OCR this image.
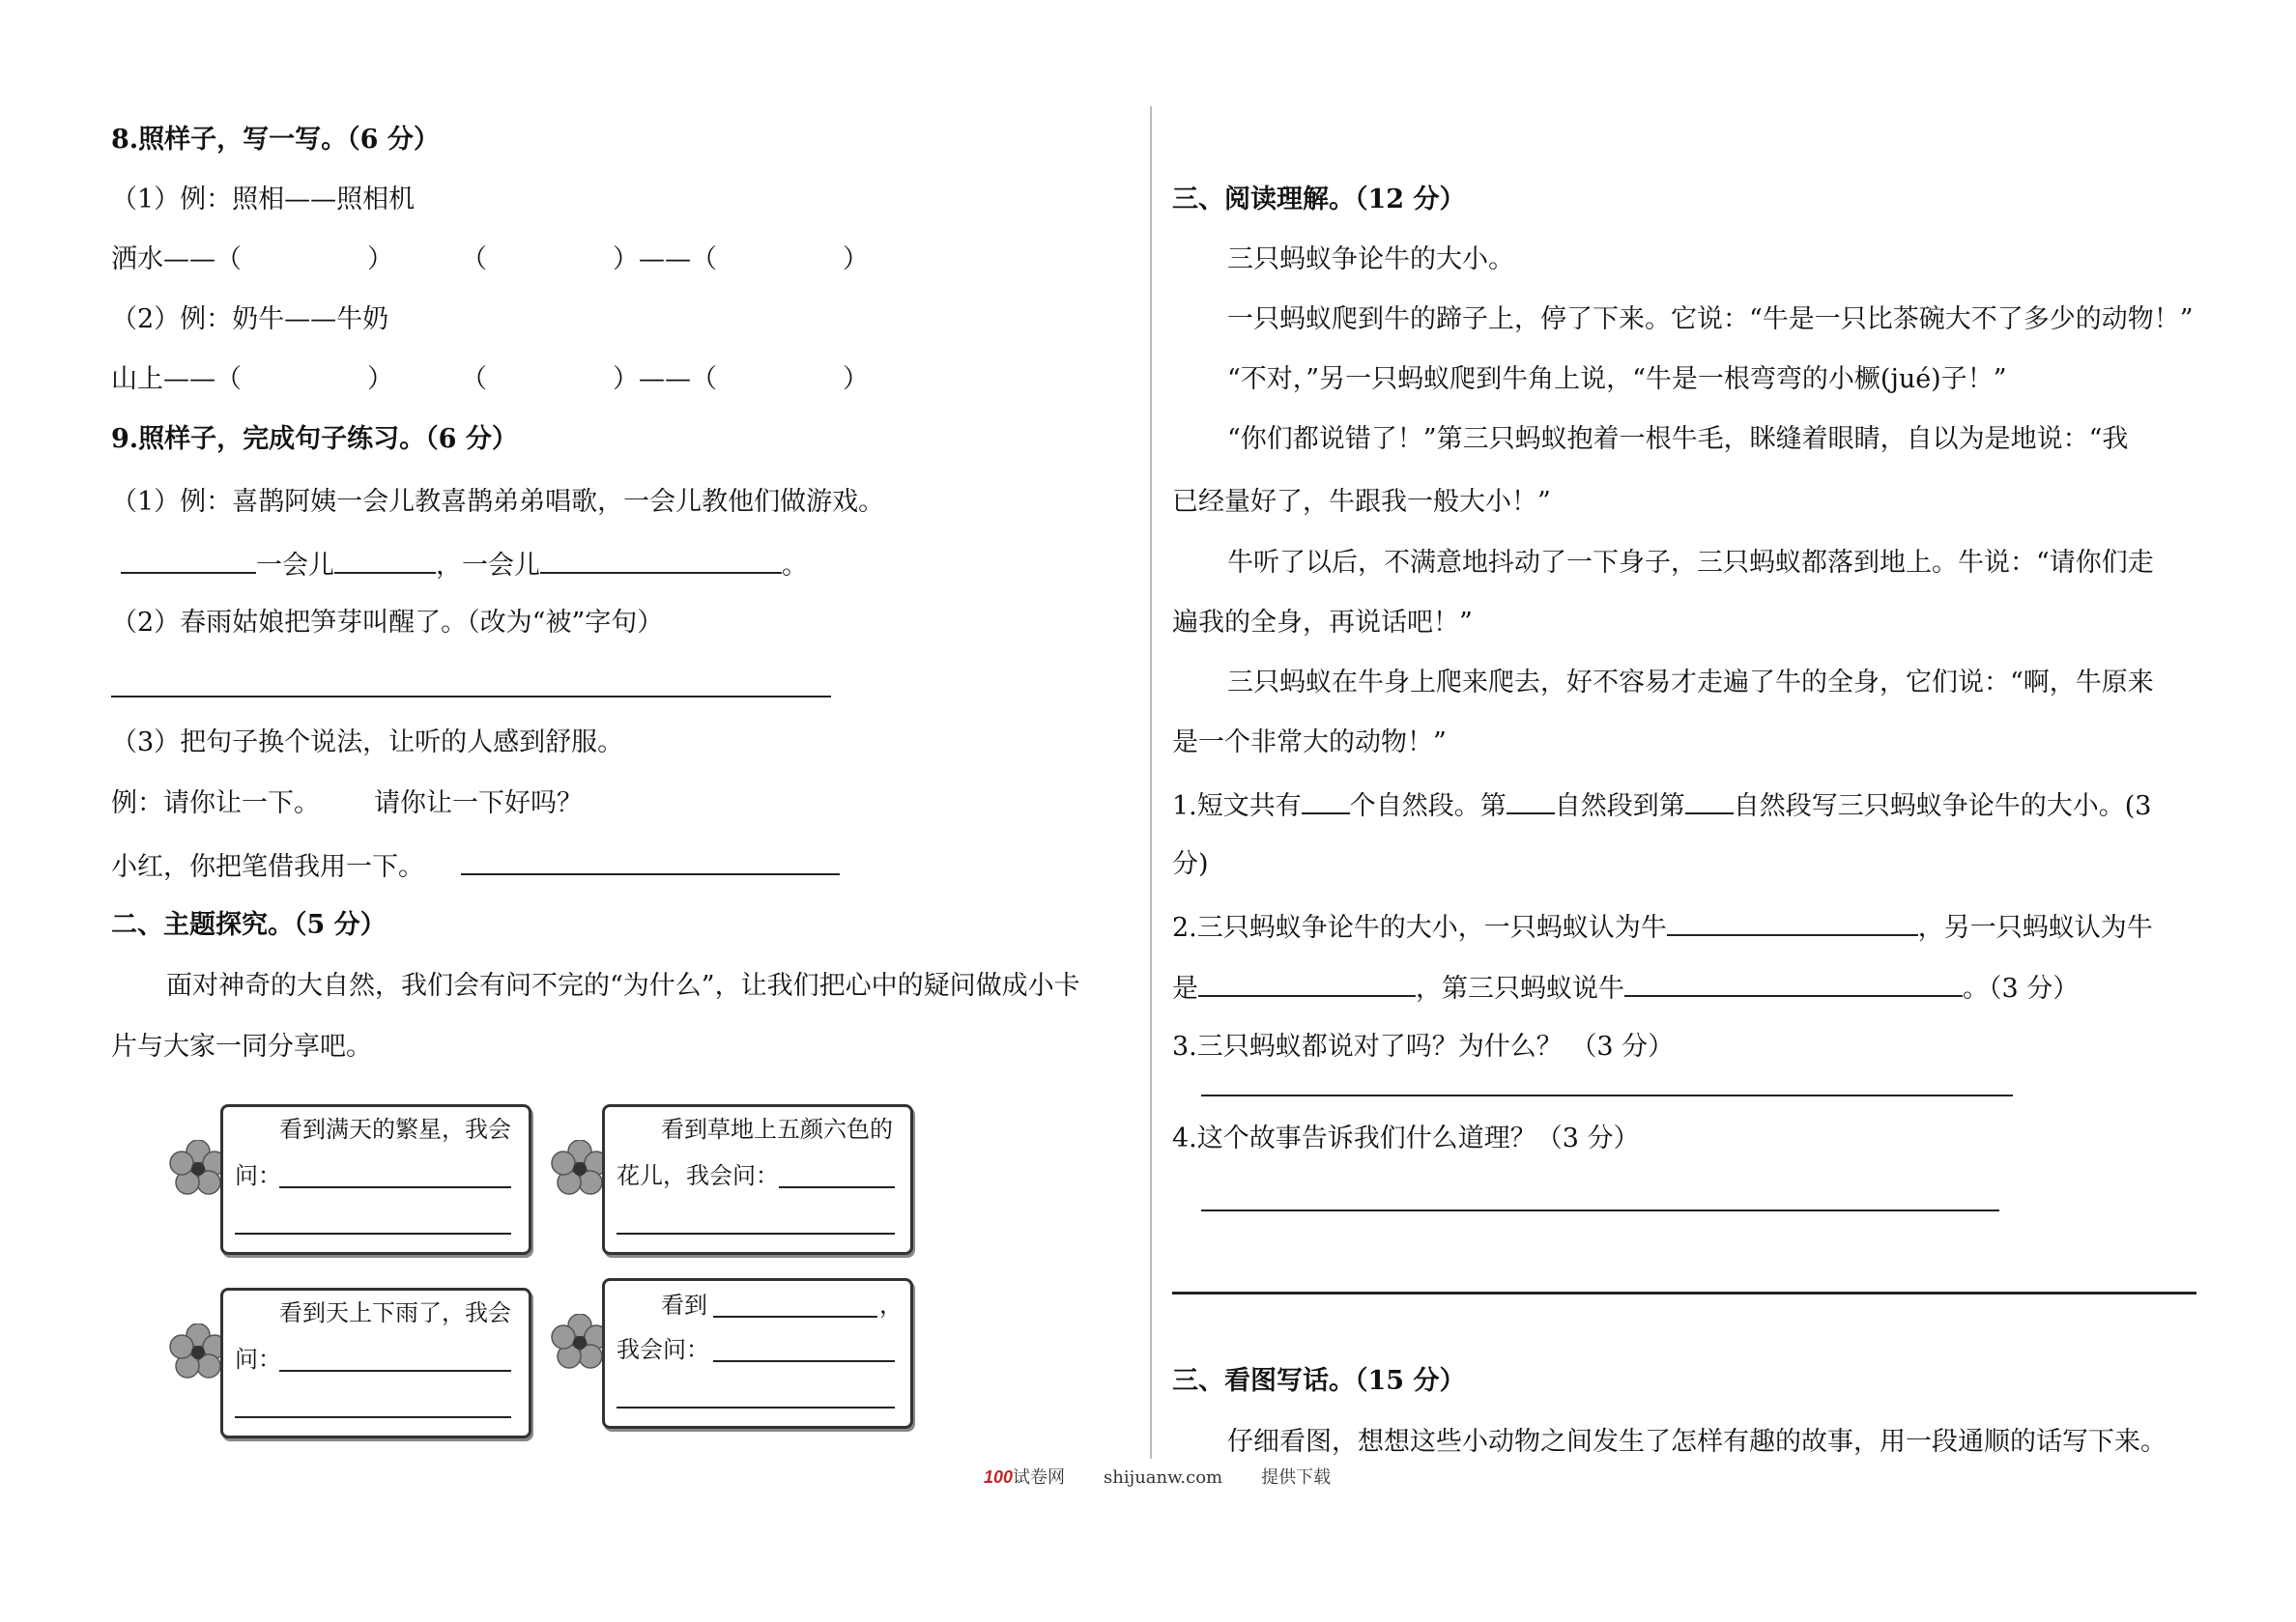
8.照样子，写一写。（6 分）
（1）例：照相——照相机
洒水——（	）	（	）——（	）
（2）例：奶牛——牛奶
山上——（	）	（	）——（	）
9.照样子，完成句子练习。（6 分）
（1）例：喜鹊阿姨一会儿教喜鹊弟弟唱歌，一会儿教他们做游戏。
一会儿	，一会儿	。
（2）春雨姑娘把笋芽叫醒了。（改为“被”字句）
（3）把句子换个说法，让听的人感到舒服。
例：请你让一下。 请你让一下好吗？
小红，你把笔借我用一下。
二、主题探究。（5 分）
面对神奇的大自然，我们会有问不完的“为什么”，让我们把心中的疑问做成小卡
片与大家一同分享吧。
看到满天的繁星，我会
问：
看到草地上五颜六色的
花儿，我会问：
看到天上下雨了，我会
问：
看到	，
我会问：
三、阅读理解。（12 分）
三只蚂蚁争论牛的大小。
一只蚂蚁爬到牛的蹄子上，停了下来。它说：“牛是一只比茶碗大不了多少的动物！”
“不对，”另一只蚂蚁爬到牛角上说，“牛是一根弯弯的小橛(jué)子！”
“你们都说错了！”第三只蚂蚁抱着一根牛毛，眯缝着眼睛，自以为是地说：“我
已经量好了，牛跟我一般大小！”
牛听了以后，不满意地抖动了一下身子，三只蚂蚁都落到地上。牛说：“请你们走
遍我的全身，再说话吧！”
三只蚂蚁在牛身上爬来爬去，好不容易才走遍了牛的全身，它们说：“啊，牛原来
是一个非常大的动物！”
1.短文共有 个自然段。第 自然段到第 自然段写三只蚂蚁争论牛的大小。(3
分)
2.三只蚂蚁争论牛的大小，一只蚂蚁认为牛	，另一只蚂蚁认为牛
是	，第三只蚂蚁说牛	。（3 分）
3.三只蚂蚁都说对了吗？为什么？ （3 分）
4.这个故事告诉我们什么道理？（3 分）
三、看图写话。（15 分）
仔细看图，想想这些小动物之间发生了怎样有趣的故事，用一段通顺的话写下来。
100试卷网 shijuanw.com 提供下载
